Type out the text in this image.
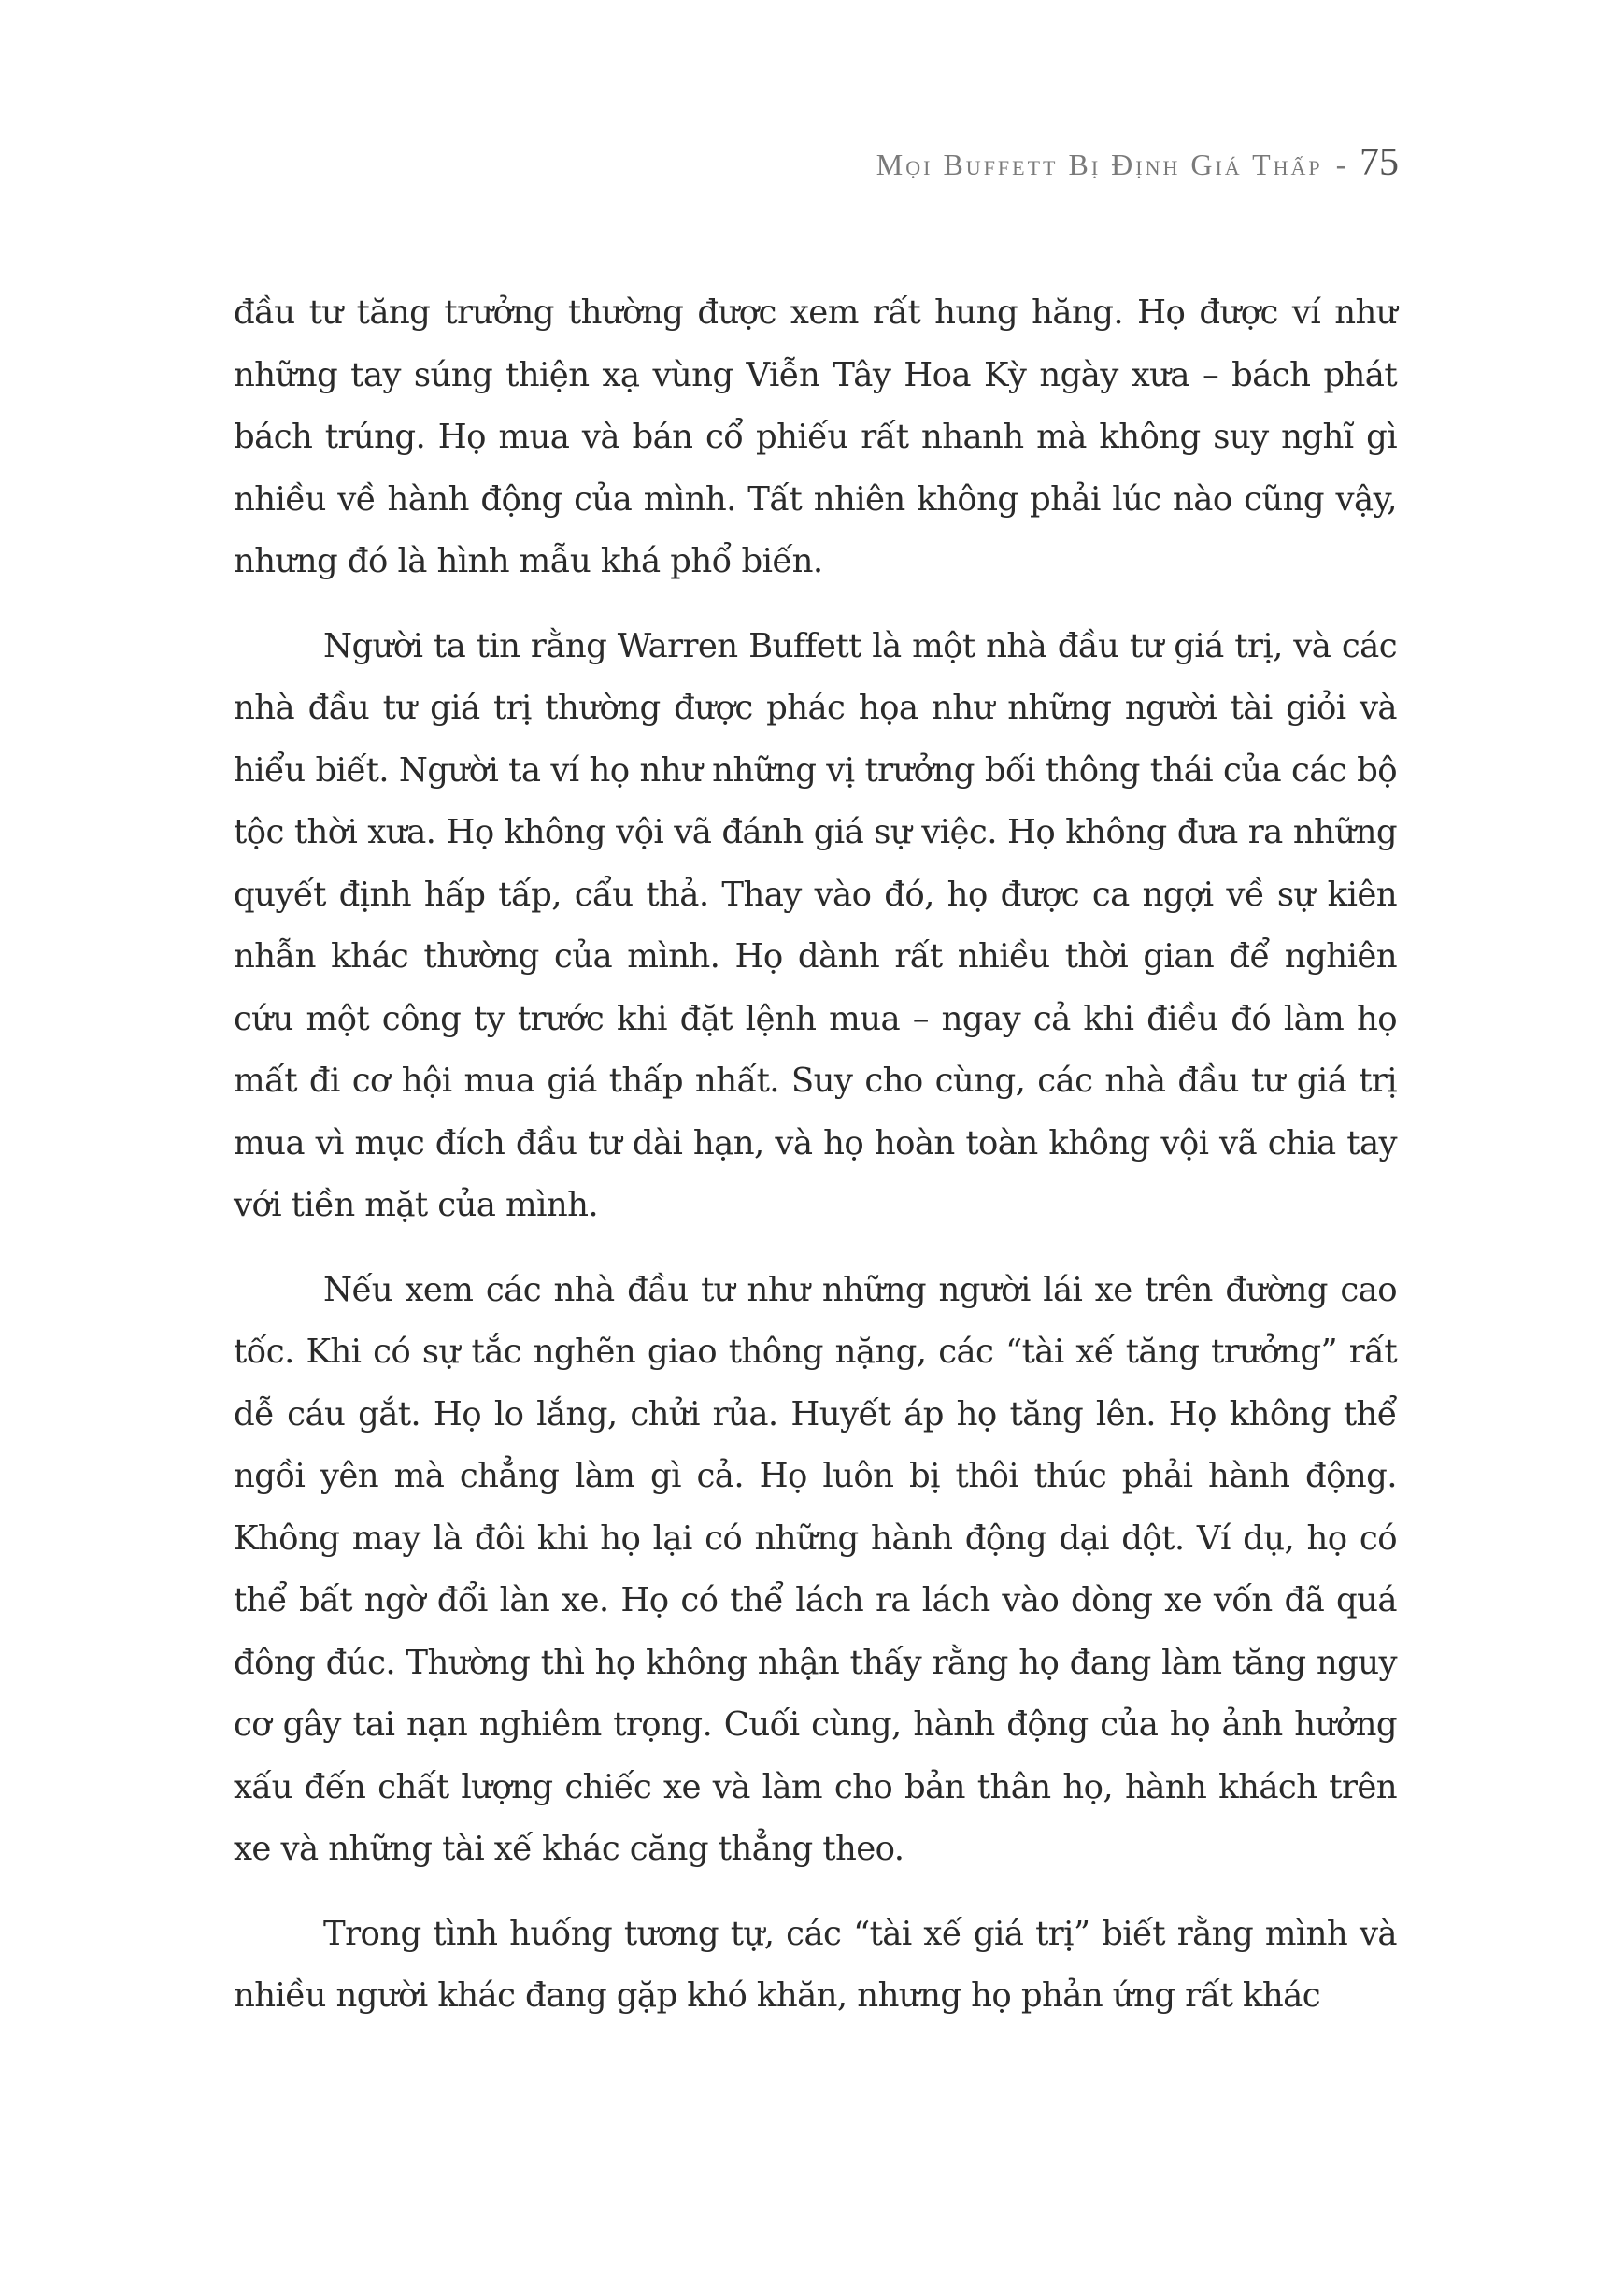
Mọi Buffett Bị Định Giá Thấp - 75

đầu tư tăng trưởng thường được xem rất hung hăng. Họ được ví như những tay súng thiện xạ vùng Viễn Tây Hoa Kỳ ngày xưa – bách phát bách trúng. Họ mua và bán cổ phiếu rất nhanh mà không suy nghĩ gì nhiều về hành động của mình. Tất nhiên không phải lúc nào cũng vậy, nhưng đó là hình mẫu khá phổ biến.

Người ta tin rằng Warren Buffett là một nhà đầu tư giá trị, và các nhà đầu tư giá trị thường được phác họa như những người tài giỏi và hiểu biết. Người ta ví họ như những vị trưởng bối thông thái của các bộ tộc thời xưa. Họ không vội vã đánh giá sự việc. Họ không đưa ra những quyết định hấp tấp, cẩu thả. Thay vào đó, họ được ca ngợi về sự kiên nhẫn khác thường của mình. Họ dành rất nhiều thời gian để nghiên cứu một công ty trước khi đặt lệnh mua – ngay cả khi điều đó làm họ mất đi cơ hội mua giá thấp nhất. Suy cho cùng, các nhà đầu tư giá trị mua vì mục đích đầu tư dài hạn, và họ hoàn toàn không vội vã chia tay với tiền mặt của mình.

Nếu xem các nhà đầu tư như những người lái xe trên đường cao tốc. Khi có sự tắc nghẽn giao thông nặng, các “tài xế tăng trưởng” rất dễ cáu gắt. Họ lo lắng, chửi rủa. Huyết áp họ tăng lên. Họ không thể ngồi yên mà chẳng làm gì cả. Họ luôn bị thôi thúc phải hành động. Không may là đôi khi họ lại có những hành động dại dột. Ví dụ, họ có thể bất ngờ đổi làn xe. Họ có thể lách ra lách vào dòng xe vốn đã quá đông đúc. Thường thì họ không nhận thấy rằng họ đang làm tăng nguy cơ gây tai nạn nghiêm trọng. Cuối cùng, hành động của họ ảnh hưởng xấu đến chất lượng chiếc xe và làm cho bản thân họ, hành khách trên xe và những tài xế khác căng thẳng theo.

Trong tình huống tương tự, các “tài xế giá trị” biết rằng mình và nhiều người khác đang gặp khó khăn, nhưng họ phản ứng rất khác
